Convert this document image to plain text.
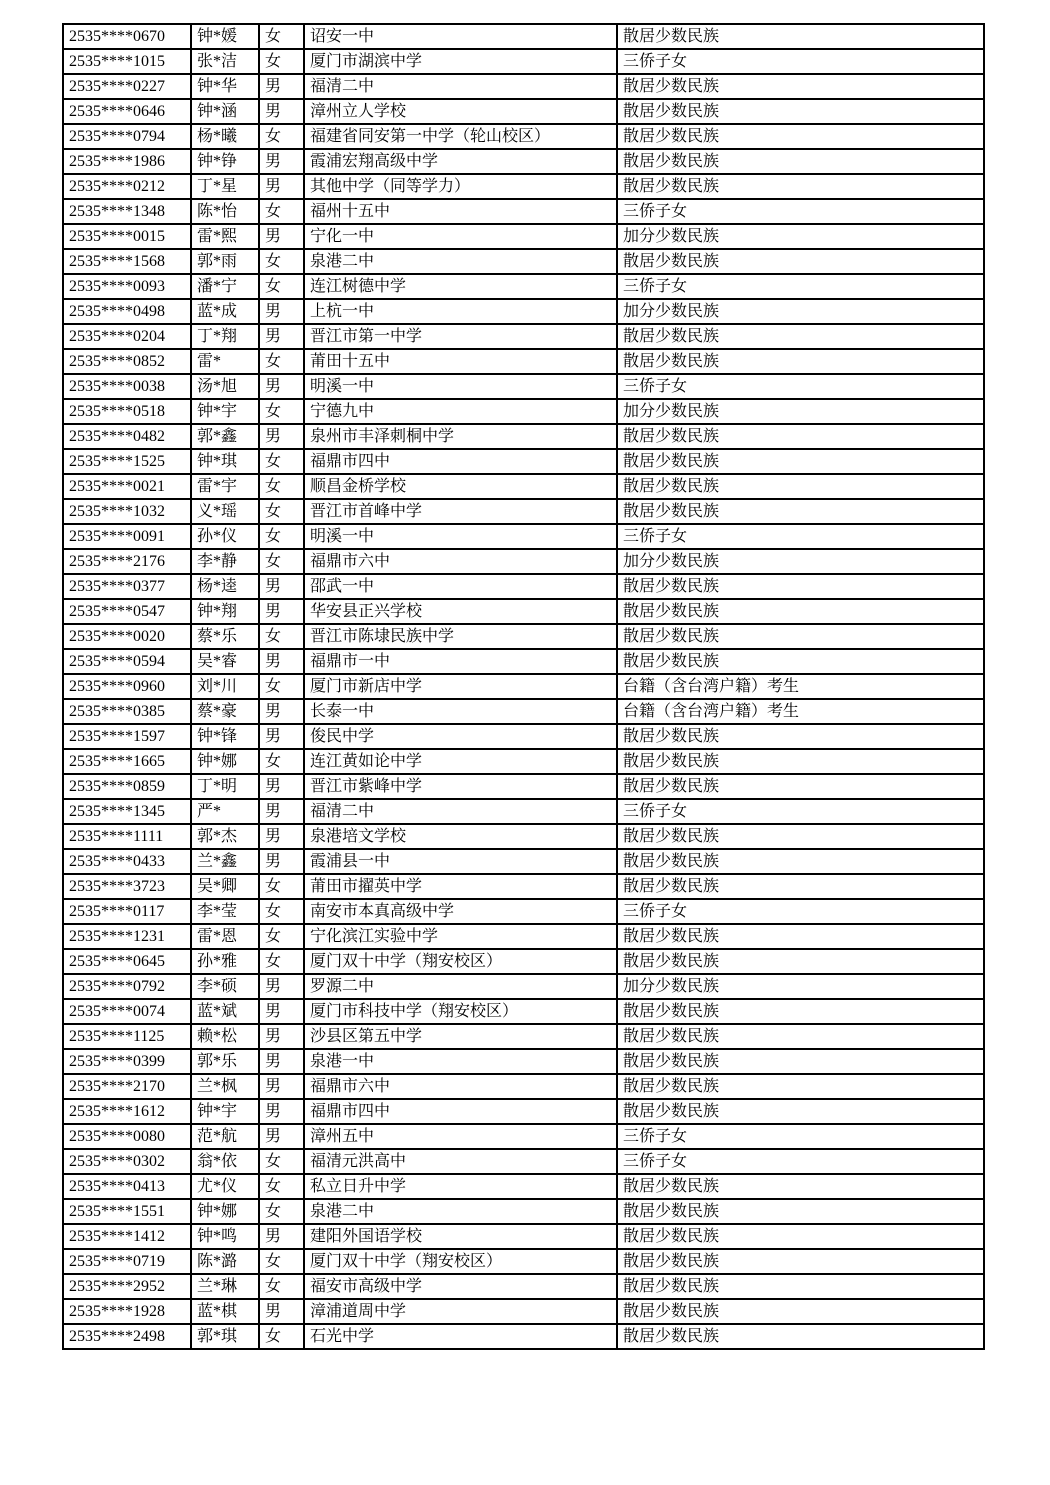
2535****0670	钟*媛	女	诏安一中	散居少数民族
2535****1015	张*洁	女	厦门市湖滨中学	三侨子女
2535****0227	钟*华	男	福清二中	散居少数民族
2535****0646	钟*涵	男	漳州立人学校	散居少数民族
2535****0794	杨*曦	女	福建省同安第一中学（轮山校区）	散居少数民族
2535****1986	钟*铮	男	霞浦宏翔高级中学	散居少数民族
2535****0212	丁*星	男	其他中学（同等学力）	散居少数民族
2535****1348	陈*怡	女	福州十五中	三侨子女
2535****0015	雷*熙	男	宁化一中	加分少数民族
2535****1568	郭*雨	女	泉港二中	散居少数民族
2535****0093	潘*宁	女	连江树德中学	三侨子女
2535****0498	蓝*成	男	上杭一中	加分少数民族
2535****0204	丁*翔	男	晋江市第一中学	散居少数民族
2535****0852	雷*	女	莆田十五中	散居少数民族
2535****0038	汤*旭	男	明溪一中	三侨子女
2535****0518	钟*宇	女	宁德九中	加分少数民族
2535****0482	郭*鑫	男	泉州市丰泽刺桐中学	散居少数民族
2535****1525	钟*琪	女	福鼎市四中	散居少数民族
2535****0021	雷*宇	女	顺昌金桥学校	散居少数民族
2535****1032	义*瑶	女	晋江市首峰中学	散居少数民族
2535****0091	孙*仪	女	明溪一中	三侨子女
2535****2176	李*静	女	福鼎市六中	加分少数民族
2535****0377	杨*逵	男	邵武一中	散居少数民族
2535****0547	钟*翔	男	华安县正兴学校	散居少数民族
2535****0020	蔡*乐	女	晋江市陈埭民族中学	散居少数民族
2535****0594	吴*睿	男	福鼎市一中	散居少数民族
2535****0960	刘*川	女	厦门市新店中学	台籍（含台湾户籍）考生
2535****0385	蔡*豪	男	长泰一中	台籍（含台湾户籍）考生
2535****1597	钟*锋	男	俊民中学	散居少数民族
2535****1665	钟*娜	女	连江黄如论中学	散居少数民族
2535****0859	丁*明	男	晋江市紫峰中学	散居少数民族
2535****1345	严*	男	福清二中	三侨子女
2535****1111	郭*杰	男	泉港培文学校	散居少数民族
2535****0433	兰*鑫	男	霞浦县一中	散居少数民族
2535****3723	吴*卿	女	莆田市擢英中学	散居少数民族
2535****0117	李*莹	女	南安市本真高级中学	三侨子女
2535****1231	雷*恩	女	宁化滨江实验中学	散居少数民族
2535****0645	孙*雅	女	厦门双十中学（翔安校区）	散居少数民族
2535****0792	李*硕	男	罗源二中	加分少数民族
2535****0074	蓝*斌	男	厦门市科技中学（翔安校区）	散居少数民族
2535****1125	赖*松	男	沙县区第五中学	散居少数民族
2535****0399	郭*乐	男	泉港一中	散居少数民族
2535****2170	兰*枫	男	福鼎市六中	散居少数民族
2535****1612	钟*宇	男	福鼎市四中	散居少数民族
2535****0080	范*航	男	漳州五中	三侨子女
2535****0302	翁*依	女	福清元洪高中	三侨子女
2535****0413	尤*仪	女	私立日升中学	散居少数民族
2535****1551	钟*娜	女	泉港二中	散居少数民族
2535****1412	钟*鸣	男	建阳外国语学校	散居少数民族
2535****0719	陈*潞	女	厦门双十中学（翔安校区）	散居少数民族
2535****2952	兰*琳	女	福安市高级中学	散居少数民族
2535****1928	蓝*棋	男	漳浦道周中学	散居少数民族
2535****2498	郭*琪	女	石光中学	散居少数民族
